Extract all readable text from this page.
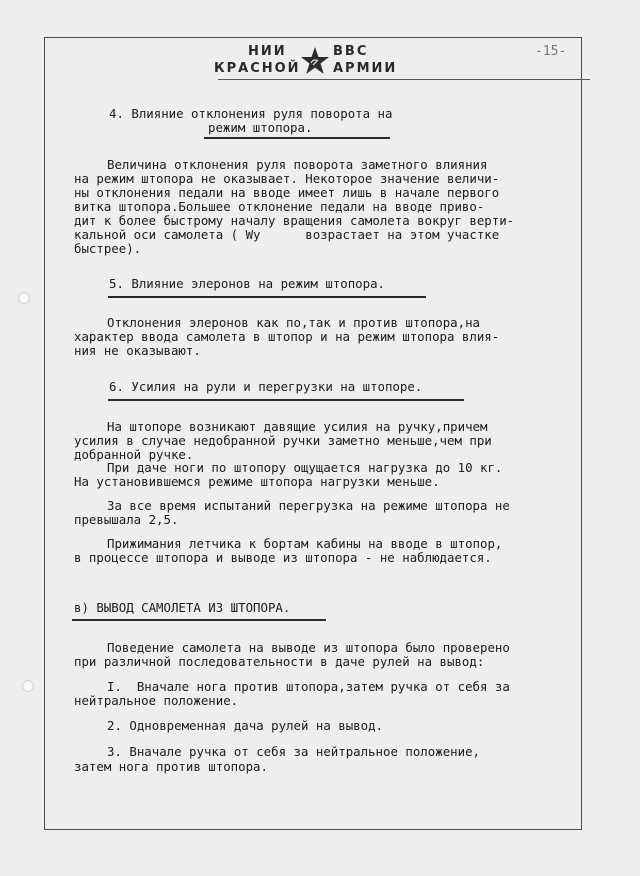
НИИ
КРАСНОЙ
ВВС
АРМИИ
-15-
4. Влияние отклонения руля поворота на
режим штопора.
Величина отклонения руля поворота заметного влияния
на режим штопора не оказывает. Некоторое значение величи-
ны отклонения педали на вводе имеет лишь в начале первого
витка штопора.Большее отклонение педали на вводе приво-
дит к более быстрому началу вращения самолета вокруг верти-
кальной оси самолета ( Wy      возрастает на этом участке
быстрее).
5. Влияние элеронов на режим штопора.
Отклонения элеронов как по,так и против штопора,на
характер ввода самолета в штопор и на режим штопора влия-
ния не оказывают.
6. Усилия на рули и перегрузки на штопоре.
На штопоре возникают давящие усилия на ручку,причем
усилия в случае недобранной ручки заметно меньше,чем при
добранной ручке.
При даче ноги по штопору ощущается нагрузка до 10 кг.
На установившемся режиме штопора нагрузки меньше.
За все время испытаний перегрузка на режиме штопора не
превышала 2,5.
Прижимания летчика к бортам кабины на вводе в штопор,
в процессе штопора и выводе из штопора - не наблюдается.
в) ВЫВОД САМОЛЕТА ИЗ ШТОПОРА.
Поведение самолета на выводе из штопора было проверено
при различной последовательности в даче рулей на вывод:
I.  Вначале нога против штопора,затем ручка от себя за
нейтральное положение.
2. Одновременная дача рулей на вывод.
3. Вначале ручка от себя за нейтральное положение,
затем нога против штопора.
